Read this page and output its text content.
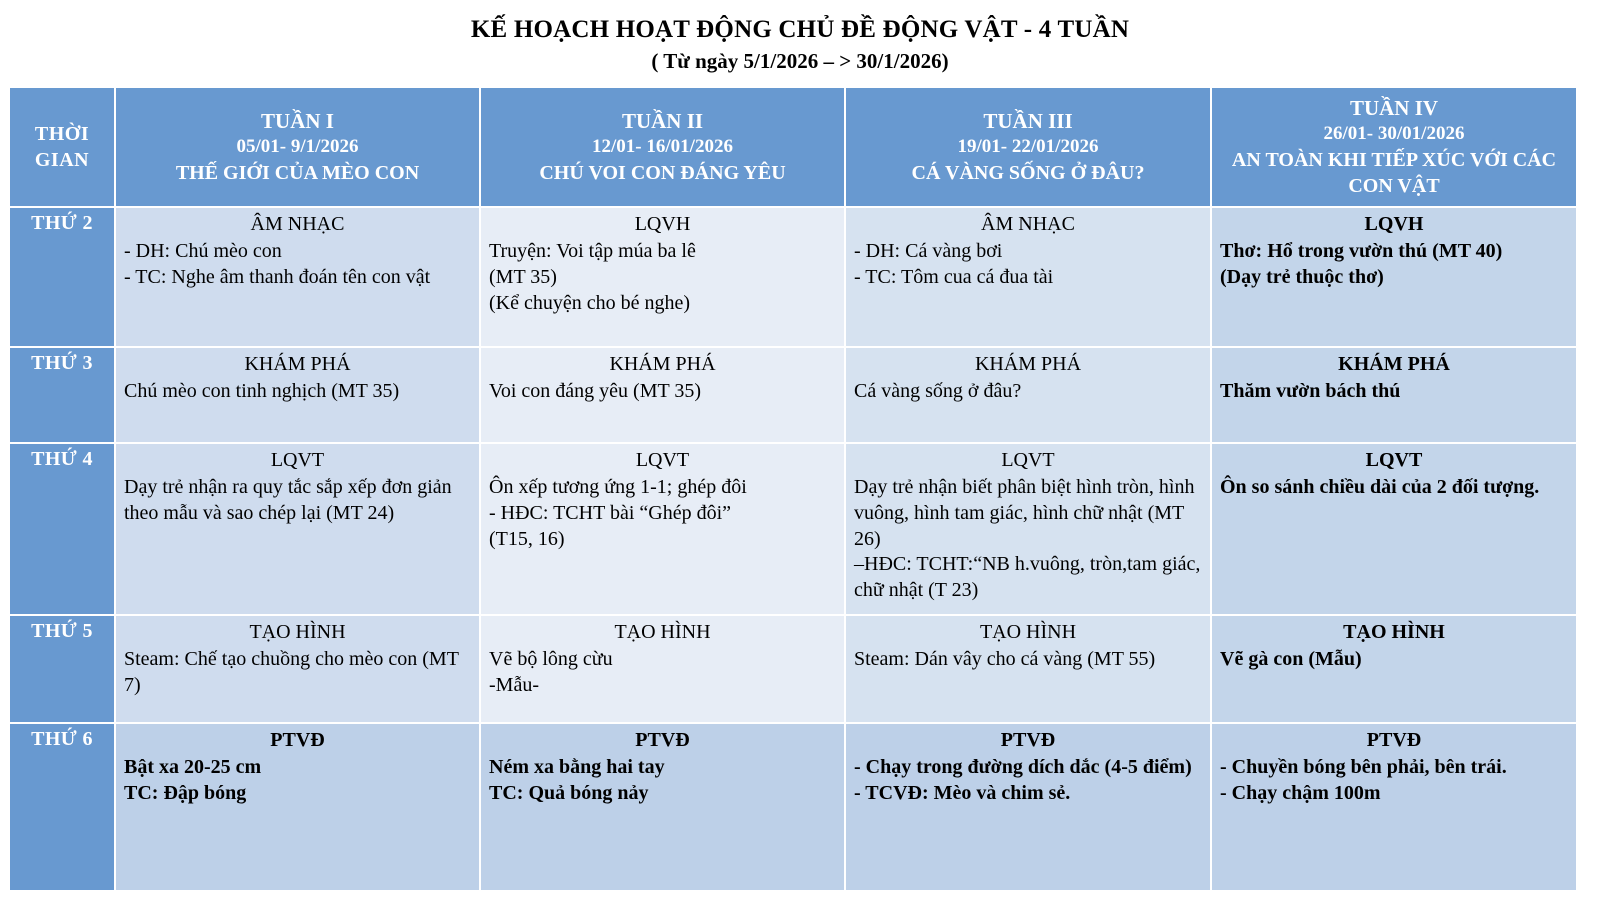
KẾ HOẠCH HOẠT ĐỘNG CHỦ ĐỀ ĐỘNG VẬT - 4 TUẦN
( Từ ngày 5/1/2026 – > 30/1/2026)
THỜI
GIAN

TUẦN I
05/01- 9/1/2026
THẾ GIỚI CỦA MÈO CON

TUẦN II
12/01- 16/01/2026
CHÚ VOI CON ĐÁNG YÊU

TUẦN III
19/01- 22/01/2026
CÁ VÀNG SỐNG Ở ĐÂU?

TUẦN IV
26/01- 30/01/2026
AN TOÀN KHI TIẾP XÚC VỚI CÁC CON VẬT

THỨ 2	ÂM NHẠC
- DH: Chú mèo con
- TC: Nghe âm thanh đoán tên con vật

LQVH
Truyện: Voi tập múa ba lê
(MT 35)
(Kể chuyện cho bé nghe)

ÂM NHẠC
- DH: Cá vàng bơi
- TC: Tôm cua cá đua tài

LQVH
Thơ: Hổ trong vườn thú (MT 40)
(Dạy trẻ thuộc thơ)

THỨ 3	KHÁM PHÁ
Chú mèo con tinh nghịch (MT 35)

KHÁM PHÁ
Voi con đáng yêu (MT 35)

KHÁM PHÁ
Cá vàng sống ở đâu?

KHÁM PHÁ
Thăm vườn bách thú

THỨ 4	LQVT
Dạy trẻ nhận ra quy tắc sắp xếp đơn giản theo mẫu và sao chép lại (MT 24)

LQVT
Ôn xếp tương ứng 1-1; ghép đôi
- HĐC: TCHT bài “Ghép đôi”
(T15, 16)

LQVT
Dạy trẻ nhận biết phân biệt hình tròn, hình vuông, hình tam giác, hình chữ nhật (MT 26)
–HĐC: TCHT:“NB h.vuông, tròn,tam giác, chữ nhật (T 23)

LQVT
Ôn so sánh chiều dài của 2 đối tượng.

THỨ 5	TẠO HÌNH
Steam: Chế tạo chuồng cho mèo con (MT 7)

TẠO HÌNH
Vẽ bộ lông cừu
-Mẫu-

TẠO HÌNH
Steam: Dán vây cho cá vàng (MT 55)

TẠO HÌNH
Vẽ gà con (Mẫu)

THỨ 6	PTVĐ
Bật xa 20-25 cm
TC: Đập bóng

PTVĐ
Ném xa bằng hai tay
TC: Quả bóng nảy

PTVĐ
- Chạy trong đường dích dắc (4-5 điểm)
- TCVĐ: Mèo và chim sẻ.

PTVĐ
- Chuyền bóng bên phải, bên trái.
- Chạy chậm 100m
